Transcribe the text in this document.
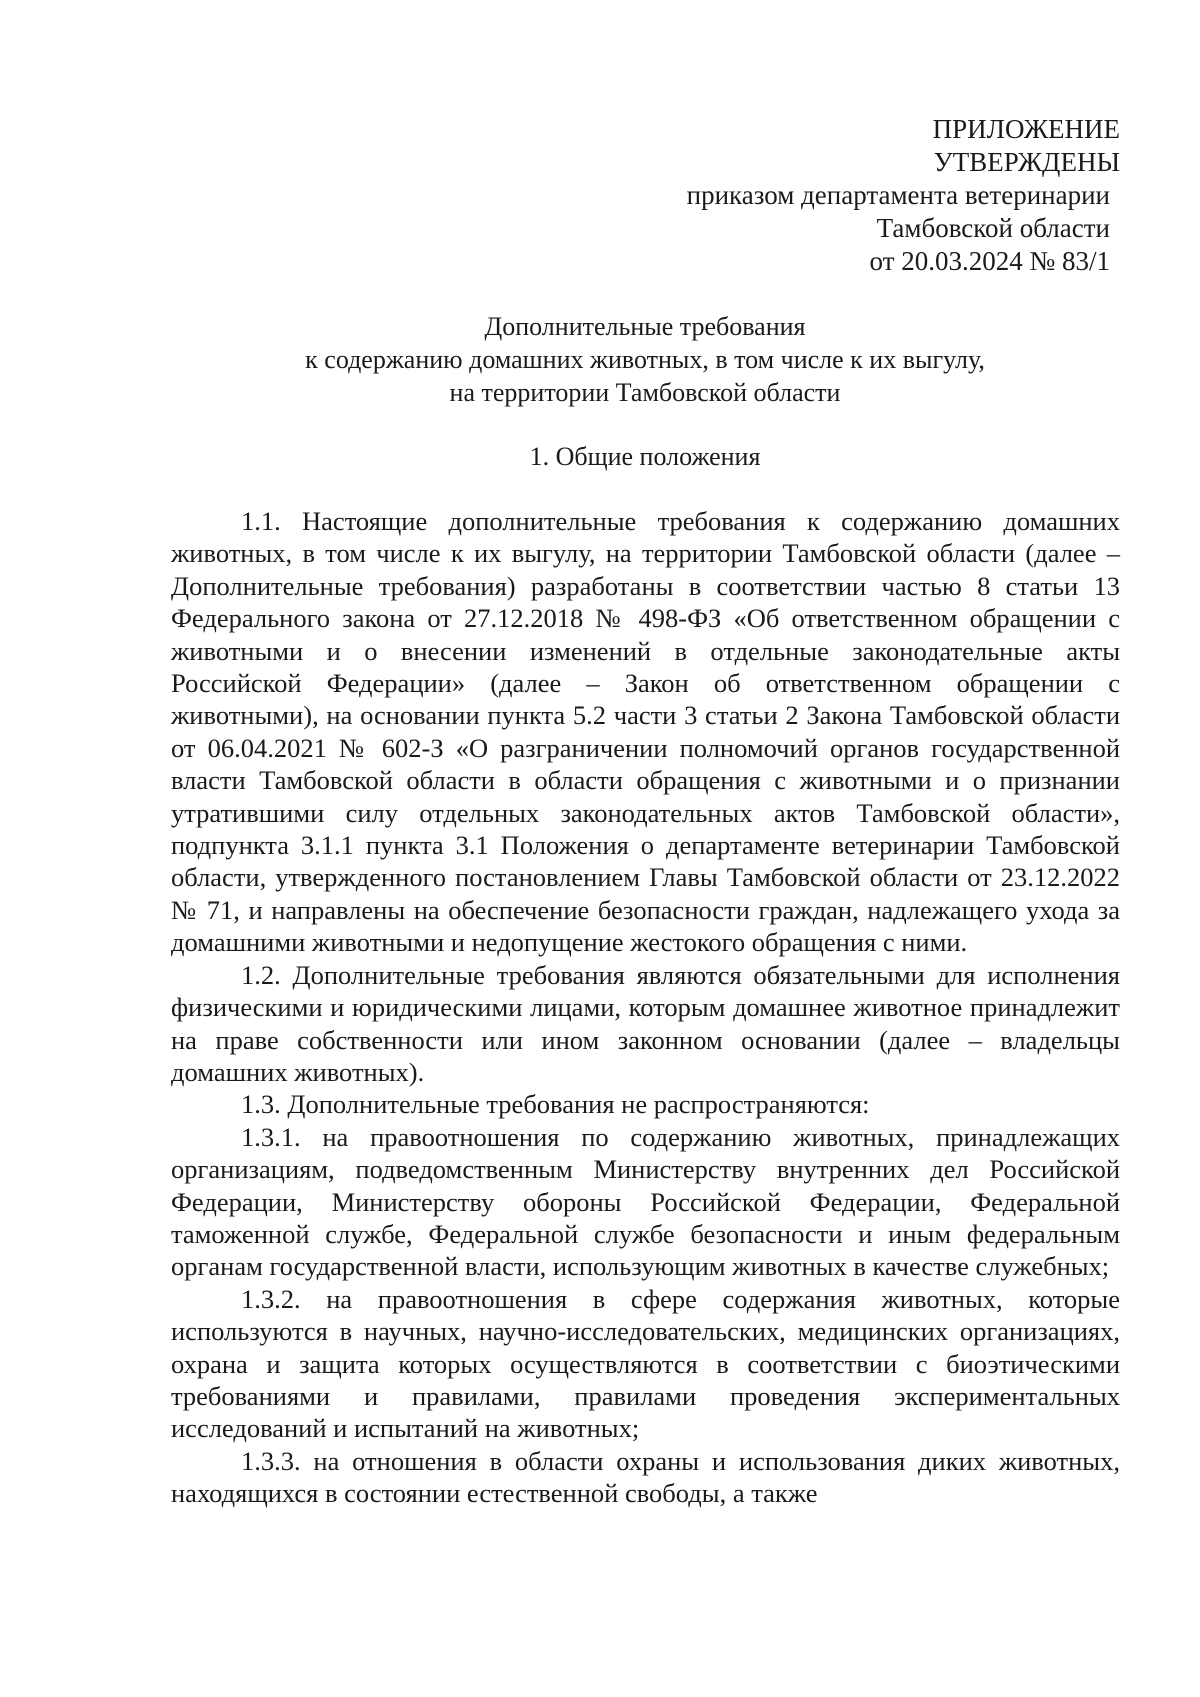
ПРИЛОЖЕНИЕ
УТВЕРЖДЕНЫ
приказом департамента ветеринарии
Тамбовской области
от 20.03.2024 № 83/1
Дополнительные требования
к содержанию домашних животных, в том числе к их выгулу,
на территории Тамбовской области
1. Общие положения

1.1. Настоящие дополнительные требования к содержанию домашних животных, в том числе к их выгулу, на территории Тамбовской области (далее – Дополнительные требования) разработаны в соответствии частью 8 статьи 13 Федерального закона от 27.12.2018 № 498-ФЗ «Об ответственном обращении с животными и о внесении изменений в отдельные законодательные акты Российской Федерации» (далее – Закон об ответственном обращении с животными), на основании пункта 5.2 части 3 статьи 2 Закона Тамбовской области от 06.04.2021 № 602-З «О разграничении полномочий органов государственной власти Тамбовской области в области обращения с животными и о признании утратившими силу отдельных законодательных актов Тамбовской области», подпункта 3.1.1 пункта 3.1 Положения о департаменте ветеринарии Тамбовской области, утвержденного постановлением Главы Тамбовской области от 23.12.2022 № 71, и направлены на обеспечение безопасности граждан, надлежащего ухода за домашними животными и недопущение жестокого обращения с ними.

1.2. Дополнительные требования являются обязательными для исполнения физическими и юридическими лицами, которым домашнее животное принадлежит на праве собственности или ином законном основании (далее – владельцы домашних животных).

1.3. Дополнительные требования не распространяются:

1.3.1. на правоотношения по содержанию животных, принадлежащих организациям, подведомственным Министерству внутренних дел Российской Федерации, Министерству обороны Российской Федерации, Федеральной таможенной службе, Федеральной службе безопасности и иным федеральным органам государственной власти, использующим животных в качестве служебных;

1.3.2. на правоотношения в сфере содержания животных, которые используются в научных, научно-исследовательских, медицинских организациях, охрана и защита которых осуществляются в соответствии с биоэтическими требованиями и правилами, правилами проведения экспериментальных исследований и испытаний на животных;

1.3.3. на отношения в области охраны и использования диких животных, находящихся в состоянии естественной свободы, а также
